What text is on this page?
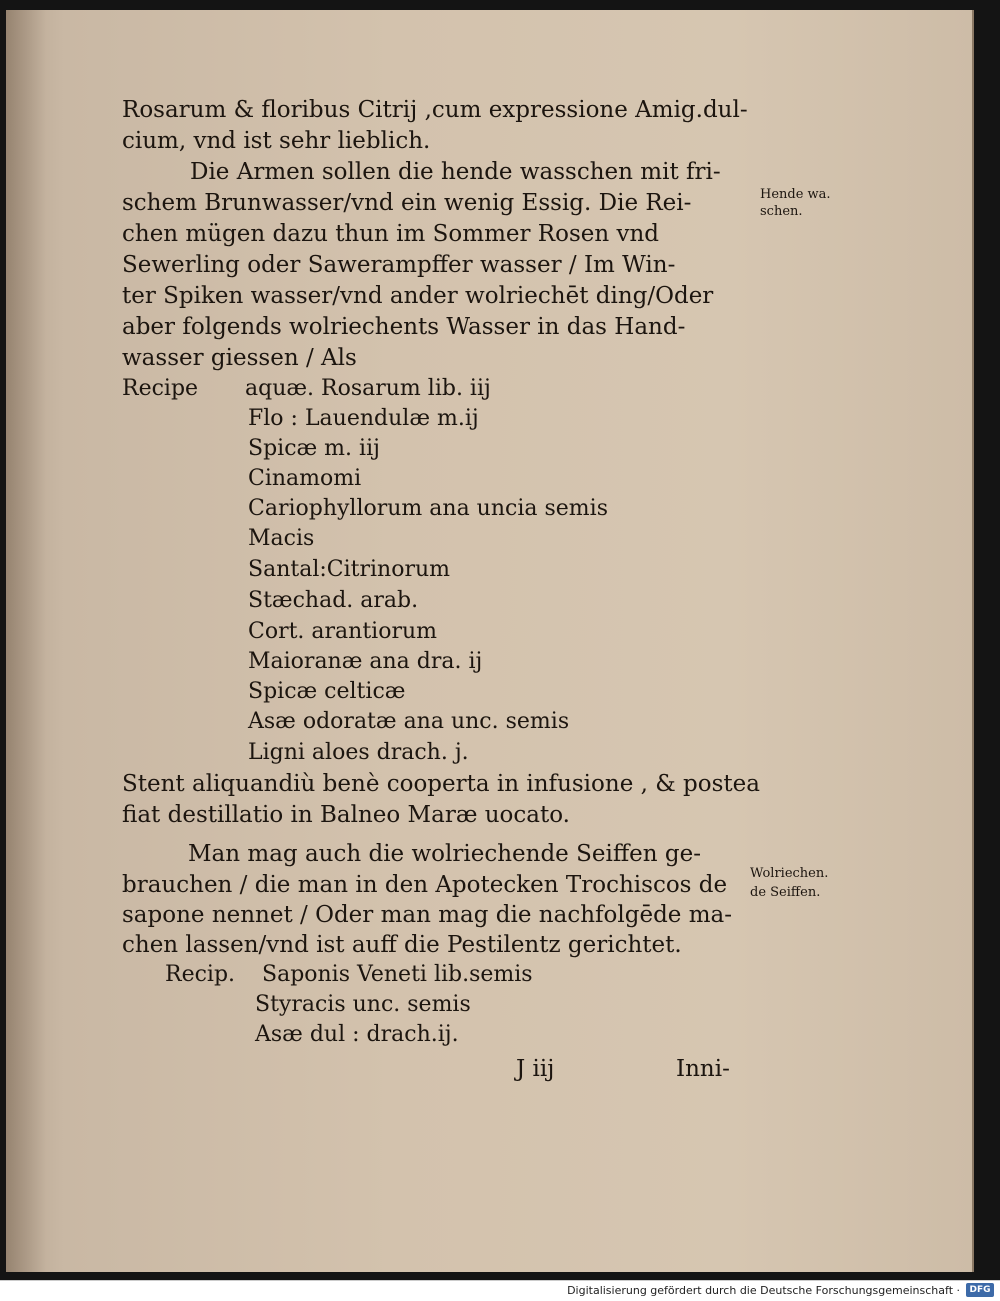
Rosarum & floribus Citrij ,cum expressione Amig.dul-

cium, vnd ist sehr lieblich.

Die Armen sollen die hende wasschen mit fri-

schem Brunwasser/vnd ein wenig Essig. Die Rei-

chen mügen dazu thun im Sommer Rosen vnd

Sewerling oder Sawerampffer wasser / Im Win-

ter Spiken wasser/vnd ander wolriechēt ding/Oder

aber folgends wolriechents Wasser in das Hand-

wasser giessen / Als

Hende wa.

schen.

Recipe aquæ. Rosarum lib. iij

Flo : Lauendulæ m.ij

Spicæ m. iij

Cinamomi

Cariophyllorum ana uncia semis

Macis

Santal:Citrinorum

Stæchad. arab.

Cort. arantiorum

Maioranæ ana dra. ij

Spicæ celticæ

Asæ odoratæ ana unc. semis

Ligni aloes drach. j.

Stent aliquandiù benè cooperta in infusione , & postea

fiat destillatio in Balneo Maræ uocato.

Man mag auch die wolriechende Seiffen ge-

brauchen / die man in den Apotecken Trochiscos de

sapone nennet / Oder man mag die nachfolgēde ma-

chen lassen/vnd ist auff die Pestilentz gerichtet.

Wolriechen.

de Seiffen.

Recip. Saponis Veneti lib.semis

Styracis unc. semis

Asæ dul : drach.ij.

J iij	Inni-

Digitalisierung gefördert durch die Deutsche Forschungsgemeinschaft ·	DFG
